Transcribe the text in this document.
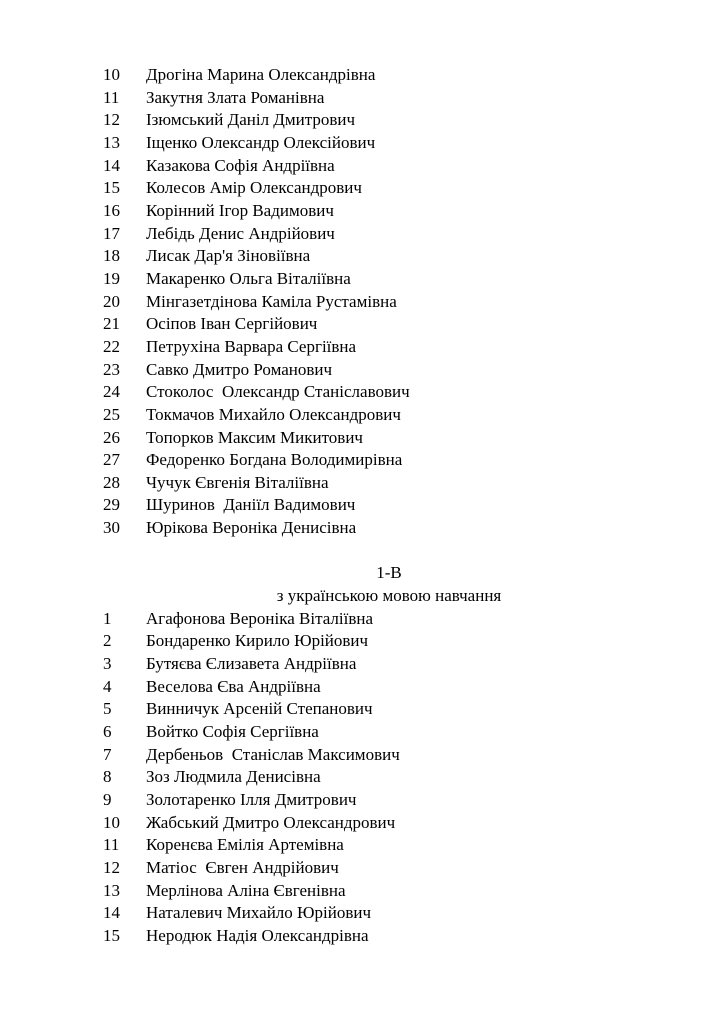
10	Дрогіна Марина Олександрівна
11	Закутня Злата Романівна
12	Ізюмський Даніл Дмитрович
13	Іщенко Олександр Олексійович
14	Казакова Софія Андріївна
15	Колесов Амір Олександрович
16	Корінний Ігор Вадимович
17	Лебідь Денис Андрійович
18	Лисак Дар'я Зіновіївна
19	Макаренко Ольга Віталіївна
20	Мінгазетдінова Каміла Рустамівна
21	Осіпов Іван Сергійович
22	Петрухіна Варвара Сергіївна
23	Савко Дмитро Романович
24	Стоколос  Олександр Станіславович
25	Токмачов Михайло Олександрович
26	Топорков Максим Микитович
27	Федоренко Богдана Володимирівна
28	Чучук Євгенія Віталіївна
29	Шуринов  Даніїл Вадимович
30	Юрікова Вероніка Денисівна
1-В
з українською мовою навчання
1	Агафонова Вероніка Віталіївна
2	Бондаренко Кирило Юрійович
3	Бутяєва Єлизавета Андріївна
4	Веселова Єва Андріївна
5	Винничук Арсеній Степанович
6	Войтко Софія Сергіївна
7	Дербеньов  Станіслав Максимович
8	Зоз Людмила Денисівна
9	Золотаренко Ілля Дмитрович
10	Жабський Дмитро Олександрович
11	Коренєва Емілія Артемівна
12	Матіос  Євген Андрійович
13	Мерлінова Аліна Євгенівна
14	Наталевич Михайло Юрійович
15	Неродюк Надія Олександрівна
